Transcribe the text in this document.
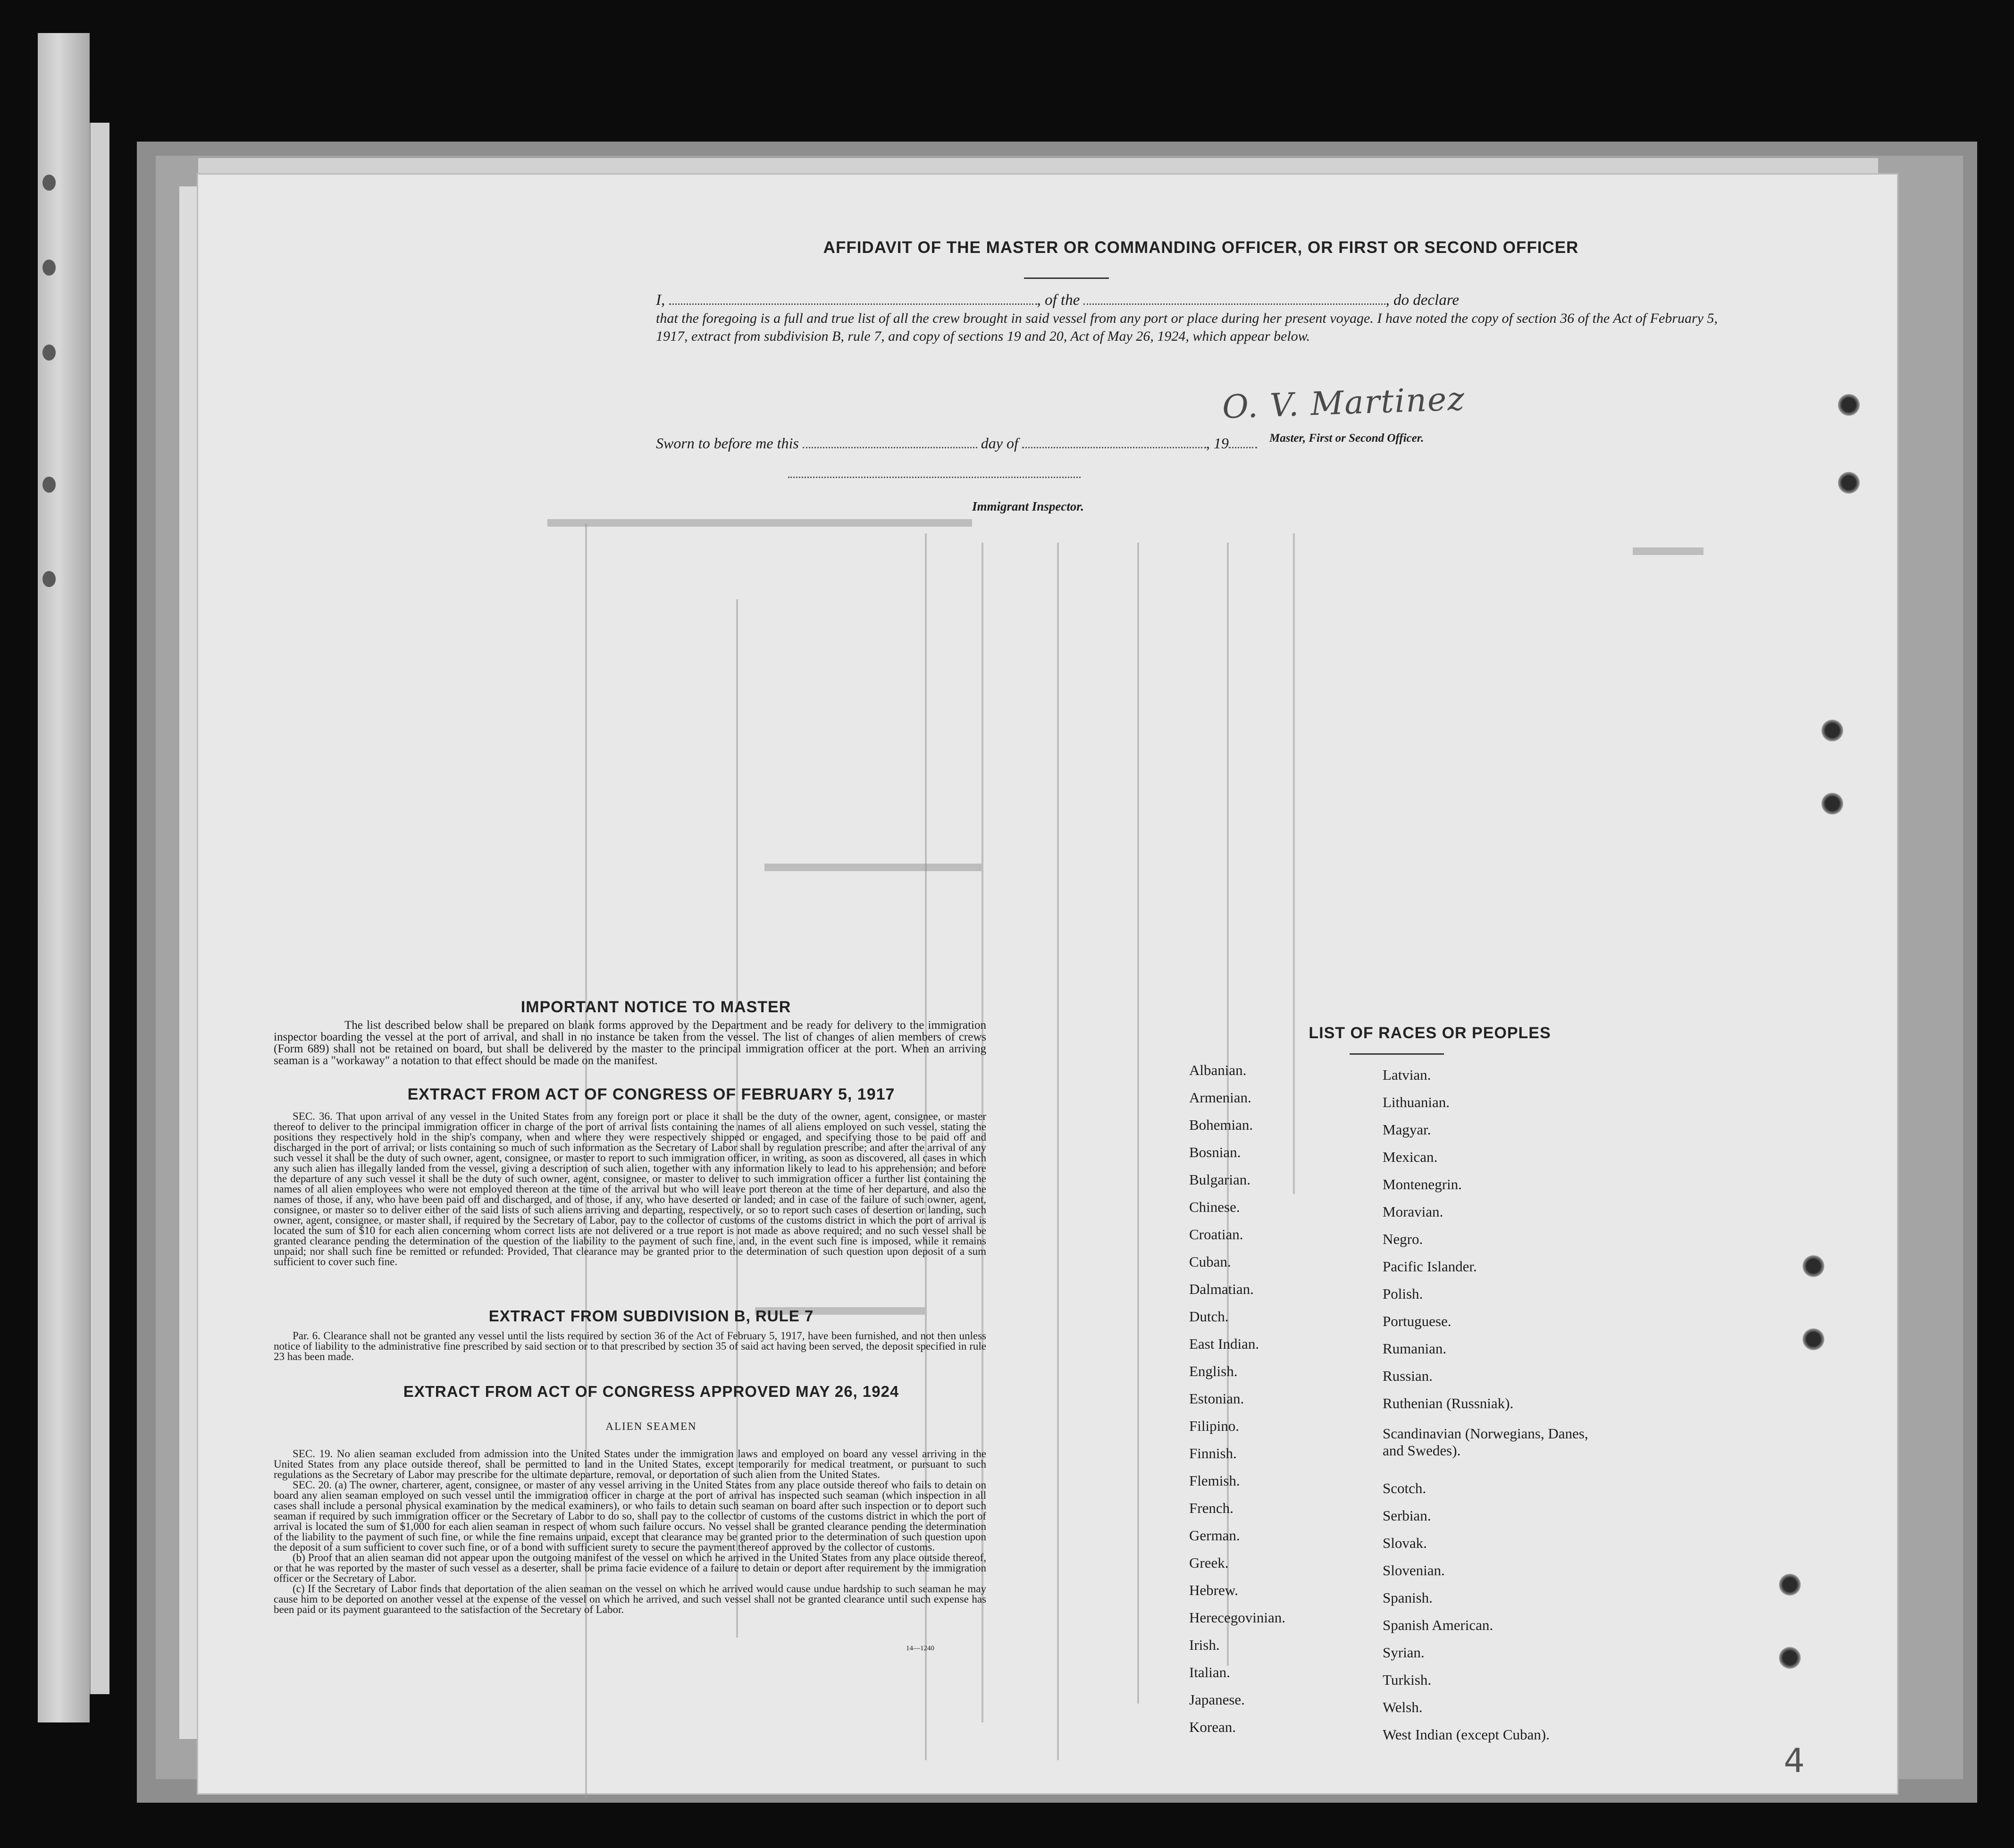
AFFIDAVIT OF THE MASTER OR COMMANDING OFFICER, OR FIRST OR SECOND OFFICER
I,	, of the	, do declare
that the foregoing is a full and true list of all the crew brought in said vessel from any port or place during her present voyage. I have noted the copy of section 36 of the Act of February 5, 1917, extract from subdivision B, rule 7, and copy of sections 19 and 20, Act of May 26, 1924, which appear below.
O. V. Martinez
Sworn to before me this	day of	, 19	Master, First or Second Officer.
Immigrant Inspector.
IMPORTANT NOTICE TO MASTER
The list described below shall be prepared on blank forms approved by the Department and be ready for delivery to the immigration inspector boarding the vessel at the port of arrival, and shall in no instance be taken from the vessel. The list of changes of alien members of crews (Form 689) shall not be retained on board, but shall be delivered by the master to the principal immigration officer at the port. When an arriving seaman is a "workaway" a notation to that effect should be made on the manifest.
EXTRACT FROM ACT OF CONGRESS OF FEBRUARY 5, 1917
SEC. 36. That upon arrival of any vessel in the United States from any foreign port or place it shall be the duty of the owner, agent, consignee, or master thereof to deliver to the principal immigration officer in charge of the port of arrival lists containing the names of all aliens employed on such vessel, stating the positions they respectively hold in the ship's company, when and where they were respectively shipped or engaged, and specifying those to be paid off and discharged in the port of arrival; or lists containing so much of such information as the Secretary of Labor shall by regulation prescribe; and after the arrival of any such vessel it shall be the duty of such owner, agent, consignee, or master to report to such immigration officer, in writing, as soon as discovered, all cases in which any such alien has illegally landed from the vessel, giving a description of such alien, together with any information likely to lead to his apprehension; and before the departure of any such vessel it shall be the duty of such owner, agent, consignee, or master to deliver to such immigration officer a further list containing the names of all alien employees who were not employed thereon at the time of the arrival but who will leave port thereon at the time of her departure, and also the names of those, if any, who have been paid off and discharged, and of those, if any, who have deserted or landed; and in case of the failure of such owner, agent, consignee, or master so to deliver either of the said lists of such aliens arriving and departing, respectively, or so to report such cases of desertion or landing, such owner, agent, consignee, or master shall, if required by the Secretary of Labor, pay to the collector of customs of the customs district in which the port of arrival is located the sum of $10 for each alien concerning whom correct lists are not delivered or a true report is not made as above required; and no such vessel shall be granted clearance pending the determination of the question of the liability to the payment of such fine, and, in the event such fine is imposed, while it remains unpaid; nor shall such fine be remitted or refunded: Provided, That clearance may be granted prior to the determination of such question upon deposit of a sum sufficient to cover such fine.
EXTRACT FROM SUBDIVISION B, RULE 7
Par. 6. Clearance shall not be granted any vessel until the lists required by section 36 of the Act of February 5, 1917, have been furnished, and not then unless notice of liability to the administrative fine prescribed by said section or to that prescribed by section 35 of said act having been served, the deposit specified in rule 23 has been made.
EXTRACT FROM ACT OF CONGRESS APPROVED MAY 26, 1924
ALIEN SEAMEN
SEC. 19. No alien seaman excluded from admission into the United States under the immigration laws and employed on board any vessel arriving in the United States from any place outside thereof, shall be permitted to land in the United States, except temporarily for medical treatment, or pursuant to such regulations as the Secretary of Labor may prescribe for the ultimate departure, removal, or deportation of such alien from the United States.
SEC. 20. (a) The owner, charterer, agent, consignee, or master of any vessel arriving in the United States from any place outside thereof who fails to detain on board any alien seaman employed on such vessel until the immigration officer in charge at the port of arrival has inspected such seaman (which inspection in all cases shall include a personal physical examination by the medical examiners), or who fails to detain such seaman on board after such inspection or to deport such seaman if required by such immigration officer or the Secretary of Labor to do so, shall pay to the collector of customs of the customs district in which the port of arrival is located the sum of $1,000 for each alien seaman in respect of whom such failure occurs. No vessel shall be granted clearance pending the determination of the liability to the payment of such fine, or while the fine remains unpaid, except that clearance may be granted prior to the determination of such question upon the deposit of a sum sufficient to cover such fine, or of a bond with sufficient surety to secure the payment thereof approved by the collector of customs.
(b) Proof that an alien seaman did not appear upon the outgoing manifest of the vessel on which he arrived in the United States from any place outside thereof, or that he was reported by the master of such vessel as a deserter, shall be prima facie evidence of a failure to detain or deport after requirement by the immigration officer or the Secretary of Labor.
(c) If the Secretary of Labor finds that deportation of the alien seaman on the vessel on which he arrived would cause undue hardship to such seaman he may cause him to be deported on another vessel at the expense of the vessel on which he arrived, and such vessel shall not be granted clearance until such expense has been paid or its payment guaranteed to the satisfaction of the Secretary of Labor.
14—1240
LIST OF RACES OR PEOPLES
Albanian.
Armenian.
Bohemian.
Bosnian.
Bulgarian.
Chinese.
Croatian.
Cuban.
Dalmatian.
Dutch.
East Indian.
English.
Estonian.
Filipino.
Finnish.
Flemish.
French.
German.
Greek.
Hebrew.
Herecegovinian.
Irish.
Italian.
Japanese.
Korean.
Latvian.
Lithuanian.
Magyar.
Mexican.
Montenegrin.
Moravian.
Negro.
Pacific Islander.
Polish.
Portuguese.
Rumanian.
Russian.
Ruthenian (Russniak).
Scandinavian (Norwegians, Danes, and Swedes).
Scotch.
Serbian.
Slovak.
Slovenian.
Spanish.
Spanish American.
Syrian.
Turkish.
Welsh.
West Indian (except Cuban).
4
